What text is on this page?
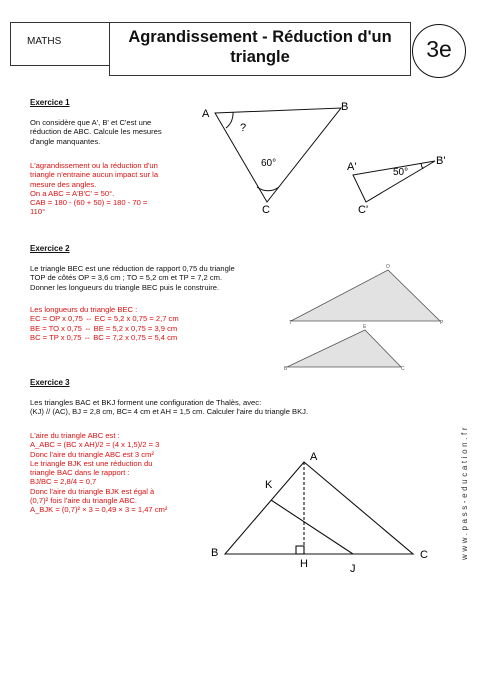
MATHS	Agrandissement - Réduction d'un
triangle	3e
Exercice 1
On considère que A', B' et C'est une
réduction de ABC. Calcule les mesures
d'angle manquantes.
L'agrandissement ou la réduction d'un
triangle n'entraine aucun impact sur la
mesure des angles.
On a ABC = A'B'C' = 50°.
CAB = 180 - (60 + 50) = 180 - 70 =
110°
A
B
C
?
60°	A'	B'
C'
50°
Exercice 2
Le triangle BEC est une réduction de rapport 0,75 du triangle
TOP de côtés OP = 3,6 cm ; TO = 5,2 cm et TP = 7,2 cm.
Donner les longueurs du triangle BEC puis le construire.
Les longueurs du triangle BEC :
EC = OP x 0,75 ⇔ EC = 5,2 x 0,75 = 2,7 cm
BE = TO x 0,75 ⇔ BE = 5,2 x 0,75 = 3,9 cm
BC = TP x 0,75 ⇔ BC = 7,2 x 0,75 = 5,4 cm
O
T	P
E
B	C
Exercice 3
Les triangles BAC et BKJ forment une configuration de Thalès, avec:
(KJ) // (AC), BJ = 2,8 cm, BC= 4 cm et AH = 1,5 cm. Calculer l'aire du triangle BKJ.
L'aire du triangle ABC est :
A_ABC = (BC x AH)/2 = (4 x 1,5)/2 = 3
Donc l'aire du triangle ABC est 3 cm²
Le triangle BJK est une réduction du
triangle BAC dans le rapport :
BJ/BC = 2,8/4 = 0,7
Donc l'aire du triangle BJK est égal à
(0,7)² fois l'aire du triangle ABC.
A_BJK = (0,7)² × 3 = 0,49 × 3 = 1,47 cm²
A
K
B
H	J
C	www.pass-education.fr
